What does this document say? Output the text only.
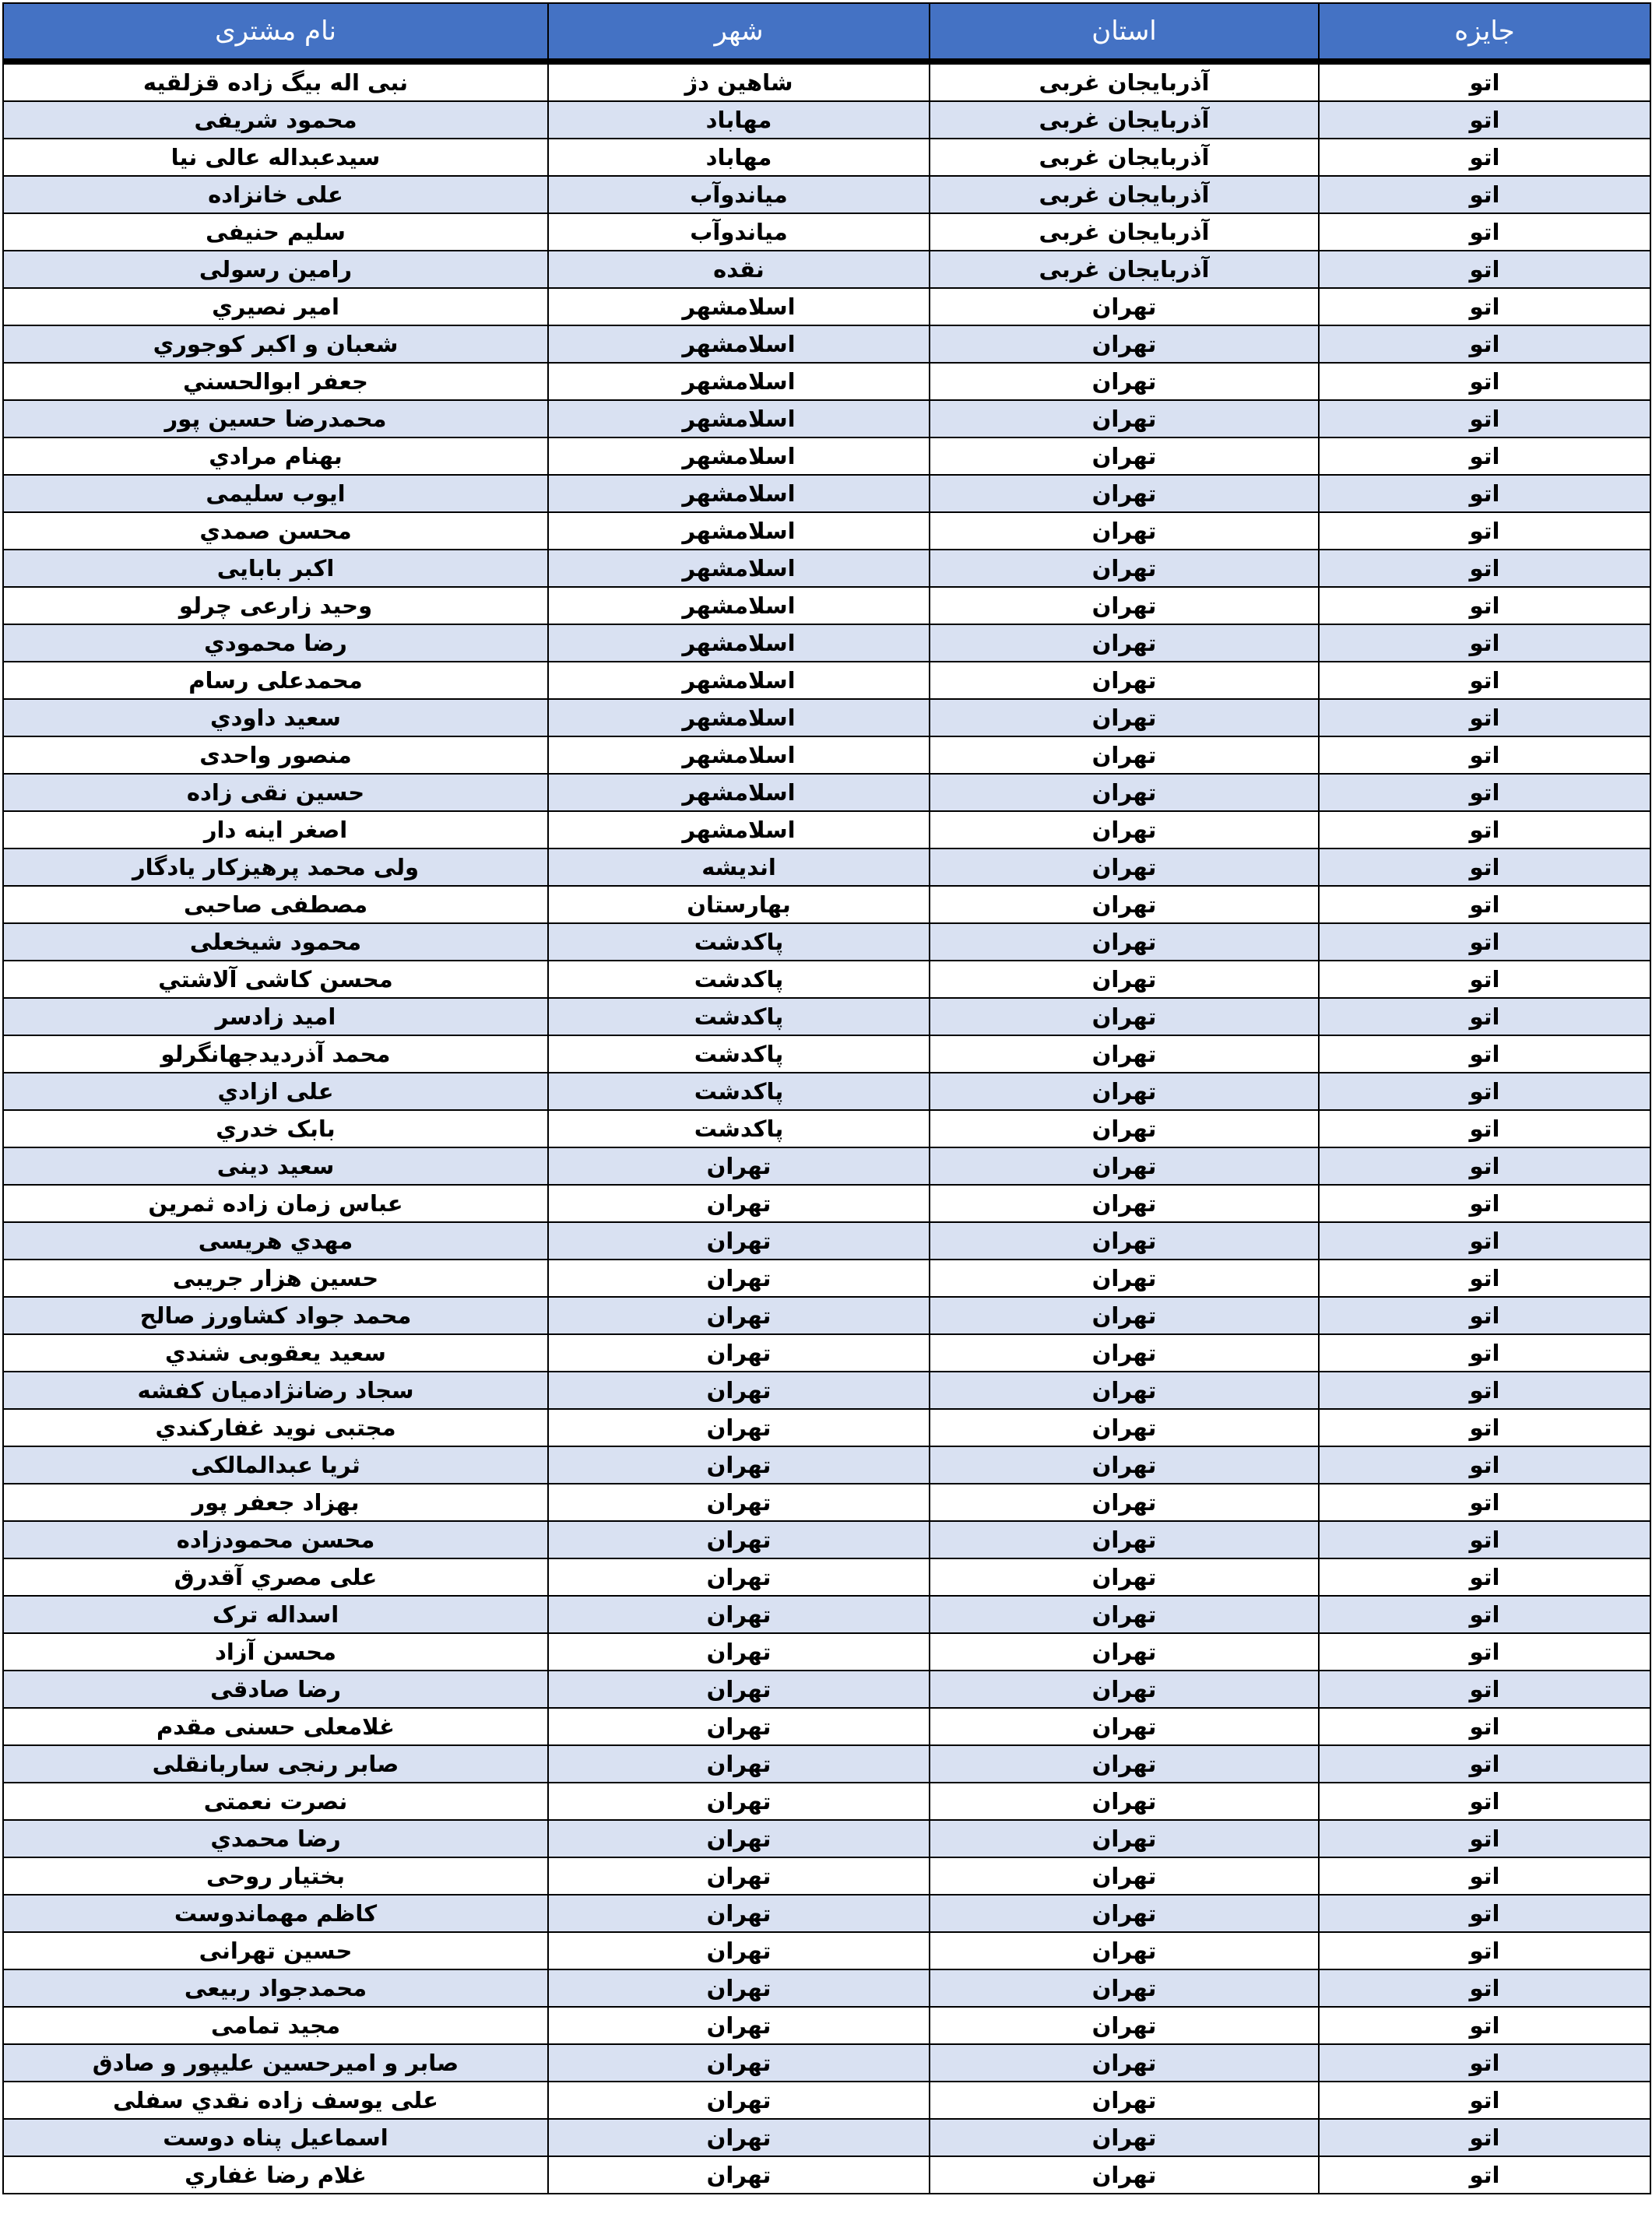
نام مشتری	شهر	استان	جایزه
نبی اله بیگ زاده قزلقیه	شاهین دژ	آذربایجان غربی	اتو
محمود شریفی	مهاباد	آذربایجان غربی	اتو
سیدعبداله عالی نیا	مهاباد	آذربایجان غربی	اتو
علی خانزاده	میاندوآب	آذربایجان غربی	اتو
سلیم حنیفی	میاندوآب	آذربایجان غربی	اتو
رامین رسولی	نقده	آذربایجان غربی	اتو
امیر نصیري	اسلامشهر	تهران	اتو
شعبان و اکبر کوجوري	اسلامشهر	تهران	اتو
جعفر ابوالحسني	اسلامشهر	تهران	اتو
محمدرضا حسین پور	اسلامشهر	تهران	اتو
بهنام مرادي	اسلامشهر	تهران	اتو
ایوب سلیمی	اسلامشهر	تهران	اتو
محسن صمدي	اسلامشهر	تهران	اتو
اکبر بابایی	اسلامشهر	تهران	اتو
وحید زارعی چرلو	اسلامشهر	تهران	اتو
رضا محمودي	اسلامشهر	تهران	اتو
محمدعلی رسام	اسلامشهر	تهران	اتو
سعید داودي	اسلامشهر	تهران	اتو
منصور واحدی	اسلامشهر	تهران	اتو
حسین نقی زاده	اسلامشهر	تهران	اتو
اصغر اینه دار	اسلامشهر	تهران	اتو
ولی محمد پرهیزکار یادگار	اندیشه	تهران	اتو
مصطفی صاحبی	بهارستان	تهران	اتو
محمود شیخعلی	پاکدشت	تهران	اتو
محسن کاشی آلاشتي	پاکدشت	تهران	اتو
امید زادسر	پاکدشت	تهران	اتو
محمد آذردیدجهانگرلو	پاکدشت	تهران	اتو
علی ازادي	پاکدشت	تهران	اتو
بابک خدري	پاکدشت	تهران	اتو
سعید دینی	تهران	تهران	اتو
عباس زمان زاده ثمرین	تهران	تهران	اتو
مهدي هریسی	تهران	تهران	اتو
حسین هزار جریبی	تهران	تهران	اتو
محمد جواد کشاورز صالح	تهران	تهران	اتو
سعید یعقوبی شندي	تهران	تهران	اتو
سجاد رضانژادمیان کفشه	تهران	تهران	اتو
مجتبی نوید غفارکندي	تهران	تهران	اتو
ثریا عبدالمالکی	تهران	تهران	اتو
بهزاد جعفر پور	تهران	تهران	اتو
محسن محمودزاده	تهران	تهران	اتو
علی مصري آقدرق	تهران	تهران	اتو
اسداله ترک	تهران	تهران	اتو
محسن آزاد	تهران	تهران	اتو
رضا صادقی	تهران	تهران	اتو
غلامعلی حسنی مقدم	تهران	تهران	اتو
صابر رنجی ساربانقلی	تهران	تهران	اتو
نصرت نعمتی	تهران	تهران	اتو
رضا محمدي	تهران	تهران	اتو
بختیار روحی	تهران	تهران	اتو
کاظم مهماندوست	تهران	تهران	اتو
حسین تهرانی	تهران	تهران	اتو
محمدجواد ربیعی	تهران	تهران	اتو
مجید تمامی	تهران	تهران	اتو
صابر و امیرحسین علیپور و صادق	تهران	تهران	اتو
علی یوسف زاده نقدي سفلی	تهران	تهران	اتو
اسماعیل پناه دوست	تهران	تهران	اتو
غلام رضا غفاري	تهران	تهران	اتو
